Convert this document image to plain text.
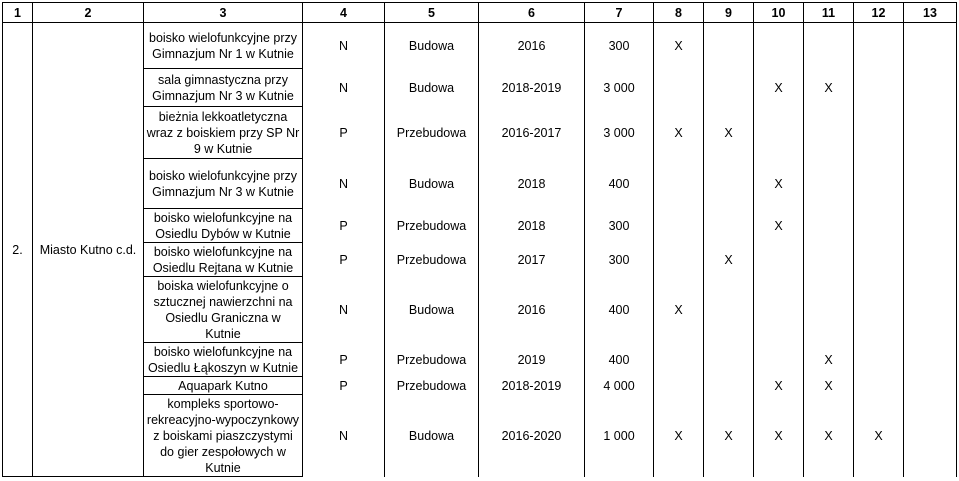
1	2	3	4	5	6	7	8	9	10	11	12	13
2.	Miasto Kutno c.d.	boisko wielofunkcyjne przy Gimnazjum Nr 1 w Kutnie	N	Budowa	2016	300	X					
		sala gimnastyczna przy Gimnazjum Nr 3 w Kutnie	N	Budowa	2018-2019	3 000			X	X		
		bieżnia lekkoatletyczna wraz z boiskiem przy SP Nr 9 w Kutnie	P	Przebudowa	2016-2017	3 000	X	X				
		boisko wielofunkcyjne przy Gimnazjum Nr 3 w Kutnie	N	Budowa	2018	400			X			
		boisko wielofunkcyjne na Osiedlu Dybów w Kutnie	P	Przebudowa	2018	300			X			
		boisko wielofunkcyjne na Osiedlu Rejtana w Kutnie	P	Przebudowa	2017	300		X				
		boiska wielofunkcyjne o sztucznej nawierzchni na Osiedlu Graniczna w Kutnie	N	Budowa	2016	400	X					
		boisko wielofunkcyjne na Osiedlu Łąkoszyn w Kutnie	P	Przebudowa	2019	400				X		
		Aquapark Kutno	P	Przebudowa	2018-2019	4 000			X	X		
		kompleks sportowo-rekreacyjno-wypoczynkowy z boiskami piaszczystymi do gier zespołowych w Kutnie	N	Budowa	2016-2020	1 000	X	X	X	X	X	
